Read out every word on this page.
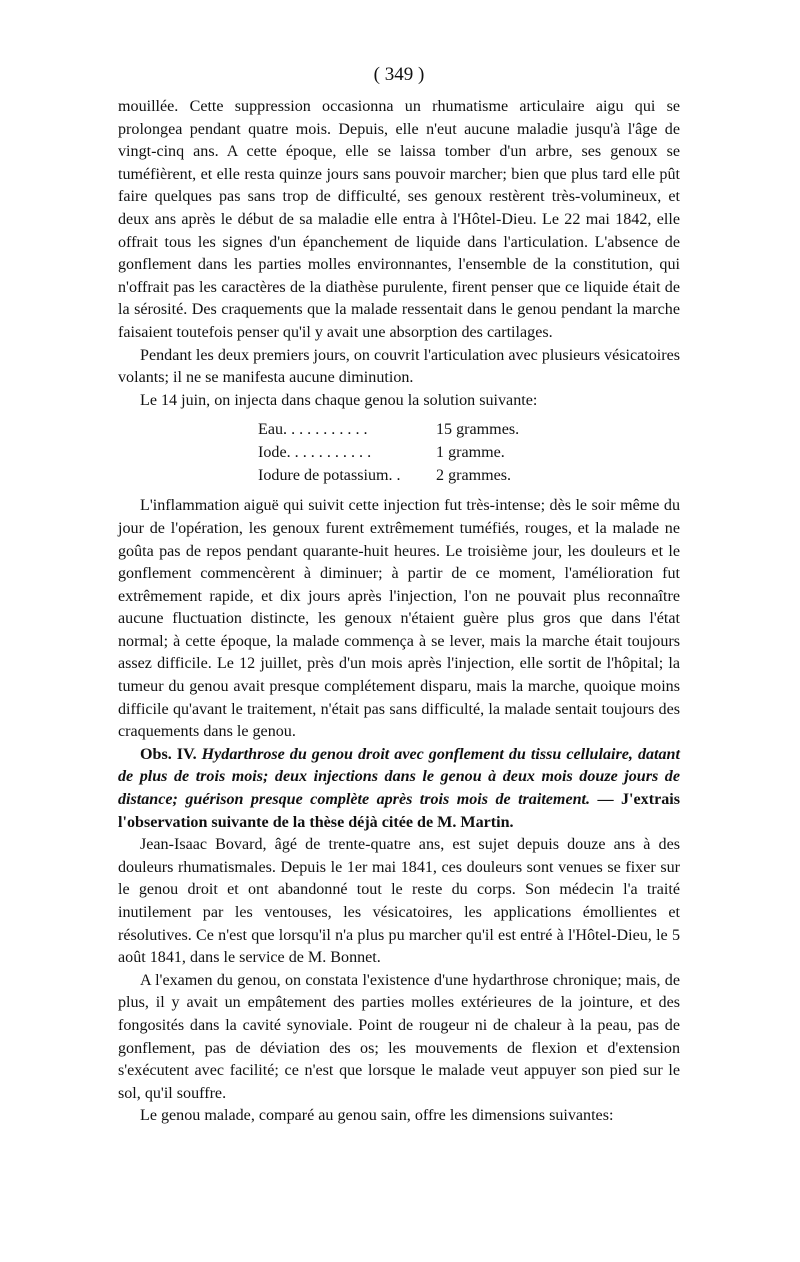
( 349 )

mouillée. Cette suppression occasionna un rhumatisme articulaire aigu qui se prolongea pendant quatre mois. Depuis, elle n'eut aucune maladie jusqu'à l'âge de vingt-cinq ans. A cette époque, elle se laissa tomber d'un arbre, ses genoux se tuméfièrent, et elle resta quinze jours sans pouvoir marcher; bien que plus tard elle pût faire quelques pas sans trop de difficulté, ses genoux restèrent très-volumineux, et deux ans après le début de sa maladie elle entra à l'Hôtel-Dieu. Le 22 mai 1842, elle offrait tous les signes d'un épanchement de liquide dans l'articulation. L'absence de gonflement dans les parties molles environnantes, l'ensemble de la constitution, qui n'offrait pas les caractères de la diathèse purulente, firent penser que ce liquide était de la sérosité. Des craquements que la malade ressentait dans le genou pendant la marche faisaient toutefois penser qu'il y avait une absorption des cartilages.

Pendant les deux premiers jours, on couvrit l'articulation avec plusieurs vésicatoires volants; il ne se manifesta aucune diminution.

Le 14 juin, on injecta dans chaque genou la solution suivante:

Eau. . . . . . . . . . .	15 grammes.
Iode. . . . . . . . . . .	1 gramme.
Iodure de potassium. .	2 grammes.

L'inflammation aiguë qui suivit cette injection fut très-intense; dès le soir même du jour de l'opération, les genoux furent extrêmement tuméfiés, rouges, et la malade ne goûta pas de repos pendant quarante-huit heures. Le troisième jour, les douleurs et le gonflement commencèrent à diminuer; à partir de ce moment, l'amélioration fut extrêmement rapide, et dix jours après l'injection, l'on ne pouvait plus reconnaître aucune fluctuation distincte, les genoux n'étaient guère plus gros que dans l'état normal; à cette époque, la malade commença à se lever, mais la marche était toujours assez difficile. Le 12 juillet, près d'un mois après l'injection, elle sortit de l'hôpital; la tumeur du genou avait presque complétement disparu, mais la marche, quoique moins difficile qu'avant le traitement, n'était pas sans difficulté, la malade sentait toujours des craquements dans le genou.

Obs. IV. Hydarthrose du genou droit avec gonflement du tissu cellulaire, datant de plus de trois mois; deux injections dans le genou à deux mois douze jours de distance; guérison presque complète après trois mois de traitement. — J'extrais l'observation suivante de la thèse déjà citée de M. Martin.

Jean-Isaac Bovard, âgé de trente-quatre ans, est sujet depuis douze ans à des douleurs rhumatismales. Depuis le 1er mai 1841, ces douleurs sont venues se fixer sur le genou droit et ont abandonné tout le reste du corps. Son médecin l'a traité inutilement par les ventouses, les vésicatoires, les applications émollientes et résolutives. Ce n'est que lorsqu'il n'a plus pu marcher qu'il est entré à l'Hôtel-Dieu, le 5 août 1841, dans le service de M. Bonnet.

A l'examen du genou, on constata l'existence d'une hydarthrose chronique; mais, de plus, il y avait un empâtement des parties molles extérieures de la jointure, et des fongosités dans la cavité synoviale. Point de rougeur ni de chaleur à la peau, pas de gonflement, pas de déviation des os; les mouvements de flexion et d'extension s'exécutent avec facilité; ce n'est que lorsque le malade veut appuyer son pied sur le sol, qu'il souffre.

Le genou malade, comparé au genou sain, offre les dimensions suivantes:
